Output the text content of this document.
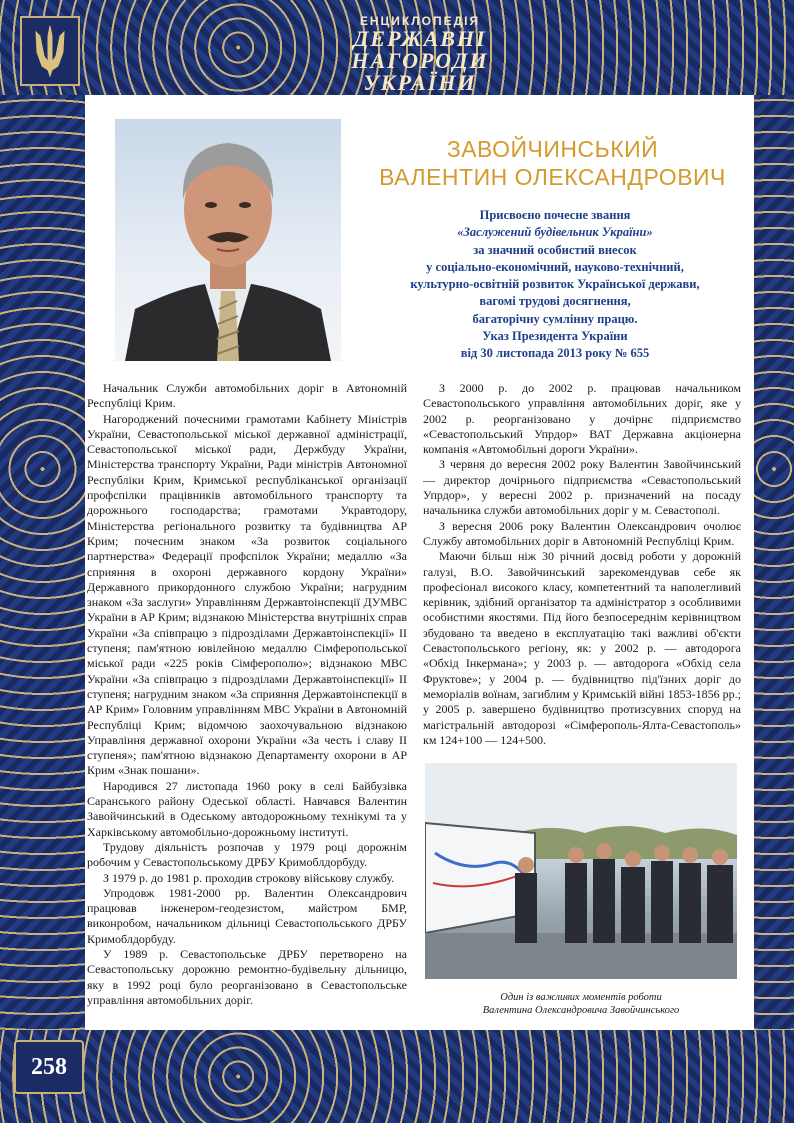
ЕНЦИКЛОПЕДІЯ
ДЕРЖАВНІ НАГОРОДИ
УКРАЇНИ
258
ЗАВОЙЧИНСЬКИЙ
ВАЛЕНТИН ОЛЕКСАНДРОВИЧ

Присвоєно почесне звання

«Заслужений будівельник України»

за значний особистий внесок

у соціально-економічний, науково-технічний,

культурно-освітній розвиток Української держави,

вагомі трудові досягнення,

багаторічну сумлінну працю.

Указ Президента України

від 30 листопада 2013 року № 655

Начальник Служби автомобільних доріг в Автономній Республіці Крим.

Нагороджений почесними грамотами Кабінету Міністрів України, Севастопольської міської державної адміністрації, Севастопольської міської ради, Держбуду України, Міністерства транспорту України, Ради міністрів Автономної Республіки Крим, Кримської республіканської організації профспілки працівників автомобільного транспорту та дорожнього господарства; грамотами Укравтодору, Міністерства регіонального розвитку та будівництва АР Крим; почесним знаком «За розвиток соціального партнерства» Федерації профспілок України; медаллю «За сприяння в охороні державного кордону України» Державного прикордонного службою України; нагрудним знаком «За заслуги» Управлінням Державтоінспекції ДУМВС України в АР Крим; відзнакою Міністерства внутрішніх справ України «За співпрацю з підрозділами Державтоінспекції» II ступеня; пам'ятною ювілейною медаллю Сімферопольської міської ради «225 років Сімферополю»; відзнакою МВС України «За співпрацю з підрозділами Державтоінспекції» II ступеня; нагрудним знаком «За сприяння Державтоінспекції в АР Крим» Головним управлінням МВС України в Автономній Республіці Крим; відомчою заохочувальною відзнакою Управління державної охорони України «За честь і славу II ступеня»; пам'ятною відзнакою Департаменту охорони в АР Крим «Знак пошани».

Народився 27 листопада 1960 року в селі Байбузівка Саранського району Одеської області. Навчався Валентин Завойчинський в Одеському автодорожньому технікумі та у Харківському автомобільно-дорожньому інституті.

Трудову діяльність розпочав у 1979 році дорожнім робочим у Севастопольському ДРБУ Кримоблдорбуду.

З 1979 р. до 1981 р. проходив строкову військову службу.

Упродовж 1981-2000 рр. Валентин Олександрович працював інженером-геодезистом, майстром БМР, виконробом, начальником дільниці Севастопольського ДРБУ Кримоблдорбуду.

У 1989 р. Севастопольське ДРБУ перетворено на Севастопольську дорожню ремонтно-будівельну дільницю, яку в 1992 році було реорганізовано в Севастопольське управління автомобільних доріг.

З 2000 р. до 2002 р. працював начальником Севастопольського управління автомобільних доріг, яке у 2002 р. реорганізовано у дочірнє підприємство «Севастопольський Упрдор» ВАТ Державна акціонерна компанія «Автомобільні дороги України».

З червня до вересня 2002 року Валентин Завойчинський — директор дочірнього підприємства «Севастопольський Упрдор», у вересні 2002 р. призначений на посаду начальника служби автомобільних доріг у м. Севастополі.

З вересня 2006 року Валентин Олександрович очолює Службу автомобільних доріг в Автономній Республіці Крим.

Маючи більш ніж 30 річний досвід роботи у дорожній галузі, В.О. Завойчинський зарекомендував себе як професіонал високого класу, компетентний та наполегливий керівник, здібний організатор та адміністратор з особливими особистими якостями. Під його безпосереднім керівництвом збудовано та введено в експлуатацію такі важливі об'єкти Севастопольського регіону, як: у 2002 р. — автодорога «Обхід Інкермана»; у 2003 р. — автодорога «Обхід села Фруктове»; у 2004 р. — будівництво під'їзних доріг до меморіалів воїнам, загиблим у Кримській війні 1853-1856 рр.; у 2005 р. завершено будівництво протизсувних споруд на магістральній автодорозі «Сімферополь-Ялта-Севастополь» км 124+100 — 124+500.

Один із важливих моментів роботи
Валентина Олександровича Завойчинського
